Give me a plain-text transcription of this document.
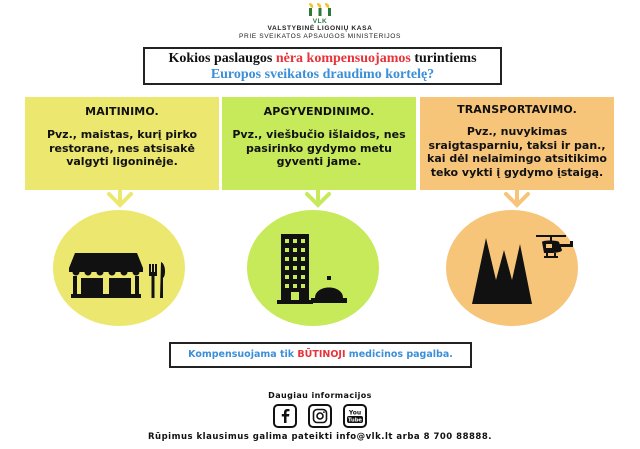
VLK
VALSTYBINĖ LIGONIŲ KASA
PRIE SVEIKATOS APSAUGOS MINISTERIJOS
Kokios paslaugos nėra kompensuojamos turintiems
Europos sveikatos draudimo kortelę?
MAITINIMO.

Pvz., maistas, kurį pirko restorane, nes atsisakė valgyti ligoninėje.

APGYVENDINIMO.

Pvz., viešbučio išlaidos, nes pasirinko gydymo metu gyventi jame.

TRANSPORTAVIMO.

Pvz., nuvykimas sraigtasparniu, taksi ir pan., kai dėl nelaimingo atsitikimo teko vykti į gydymo įstaigą.

Kompensuojama tik BŪTINOJI medicinos pagalba.
Daugiau informacijos
You
Tube
Rūpimus klausimus galima pateikti info@vlk.lt arba 8 700 88888.
